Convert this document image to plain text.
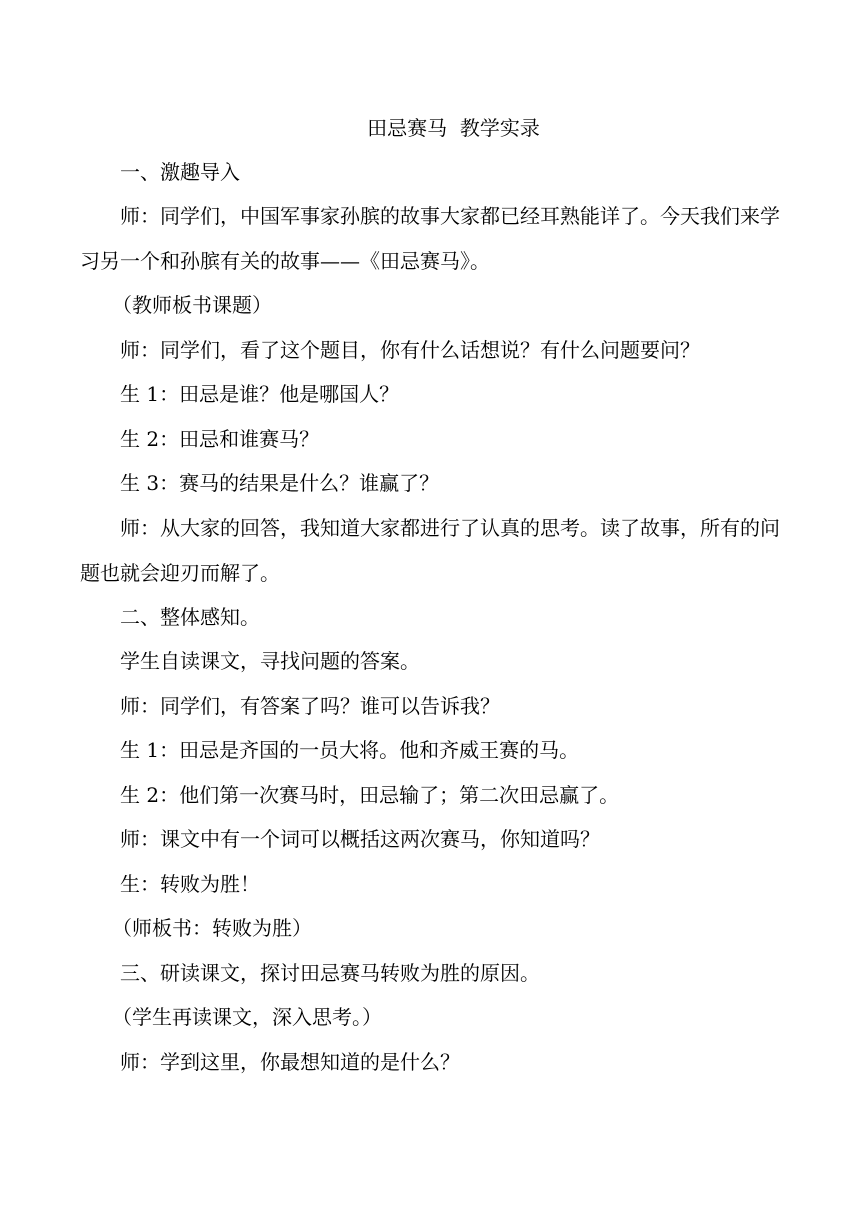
田忌赛马  教学实录

一、激趣导入

师：同学们，中国军事家孙膑的故事大家都已经耳熟能详了。今天我们来学习另一个和孙膑有关的故事——《田忌赛马》。

（教师板书课题）

师：同学们，看了这个题目，你有什么话想说？有什么问题要问？

生 1：田忌是谁？他是哪国人？

生 2：田忌和谁赛马？

生 3：赛马的结果是什么？谁赢了？

师：从大家的回答，我知道大家都进行了认真的思考。读了故事，所有的问题也就会迎刃而解了。

二、整体感知。

学生自读课文，寻找问题的答案。

师：同学们，有答案了吗？谁可以告诉我？

生 1：田忌是齐国的一员大将。他和齐威王赛的马。

生 2：他们第一次赛马时，田忌输了；第二次田忌赢了。

师：课文中有一个词可以概括这两次赛马，你知道吗？

生：转败为胜！

（师板书：转败为胜）

三、研读课文，探讨田忌赛马转败为胜的原因。

（学生再读课文，深入思考。）

师：学到这里，你最想知道的是什么？
